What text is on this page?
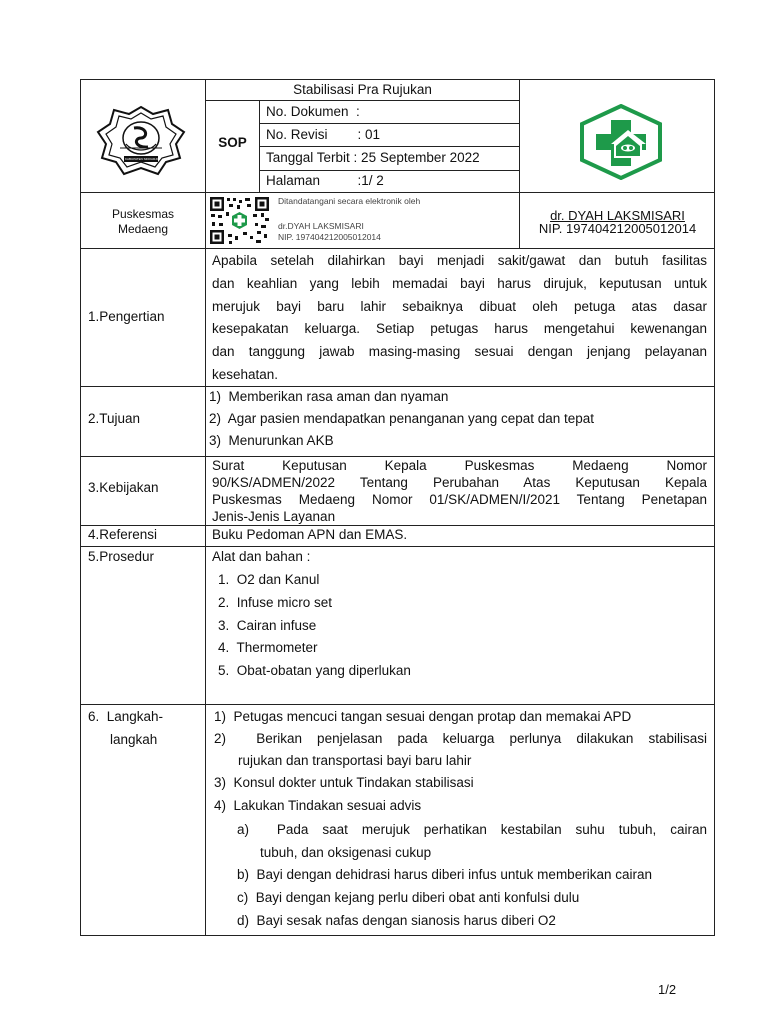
KABUPATEN SIDOARJO
Stabilisasi Pra Rujukan
SOP
No. Dokumen  :
No. Revisi        : 01
Tanggal Terbit : 25 September 2022
Halaman          :1/ 2
Puskesmas
Medaeng
Ditandatangani secara elektronik oleh
dr.DYAH LAKSMISARI
NIP. 197404212005012014
dr. DYAH LAKSMISARI
NIP. 197404212005012014
1.Pengertian
Apabila setelah dilahirkan bayi menjadi sakit/gawat dan butuh fasilitas
dan keahlian yang lebih memadai bayi harus dirujuk, keputusan untuk
merujuk bayi baru lahir sebaiknya dibuat oleh petuga atas dasar
kesepakatan keluarga. Setiap petugas harus mengetahui kewenangan
dan tanggung jawab masing-masing sesuai dengan jenjang pelayanan
kesehatan.
2.Tujuan
1)  Memberikan rasa aman dan nyaman
2)  Agar pasien mendapatkan penanganan yang cepat dan tepat
3)  Menurunkan AKB
3.Kebijakan
Surat Keputusan Kepala Puskesmas Medaeng Nomor
90/KS/ADMEN/2022 Tentang Perubahan Atas Keputusan Kepala
Puskesmas Medaeng Nomor 01/SK/ADMEN/I/2021 Tentang Penetapan
Jenis-Jenis Layanan
4.Referensi	Buku Pedoman APN dan EMAS.
5.Prosedur	Alat dan bahan :
1.  O2 dan Kanul
2.  Infuse micro set
3.  Cairan infuse
4.  Thermometer
5.  Obat-obatan yang diperlukan
6.  Langkah-
langkah
1)  Petugas mencuci tangan sesuai dengan protap dan memakai APD
2)  Berikan penjelasan pada keluarga perlunya dilakukan stabilisasi
rujukan dan transportasi bayi baru lahir
3)  Konsul dokter untuk Tindakan stabilisasi
4)  Lakukan Tindakan sesuai advis
a)  Pada saat merujuk perhatikan kestabilan suhu tubuh, cairan
tubuh, dan oksigenasi cukup
b)  Bayi dengan dehidrasi harus diberi infus untuk memberikan cairan
c)  Bayi dengan kejang perlu diberi obat anti konfulsi dulu
d)  Bayi sesak nafas dengan sianosis harus diberi O2
1/2
